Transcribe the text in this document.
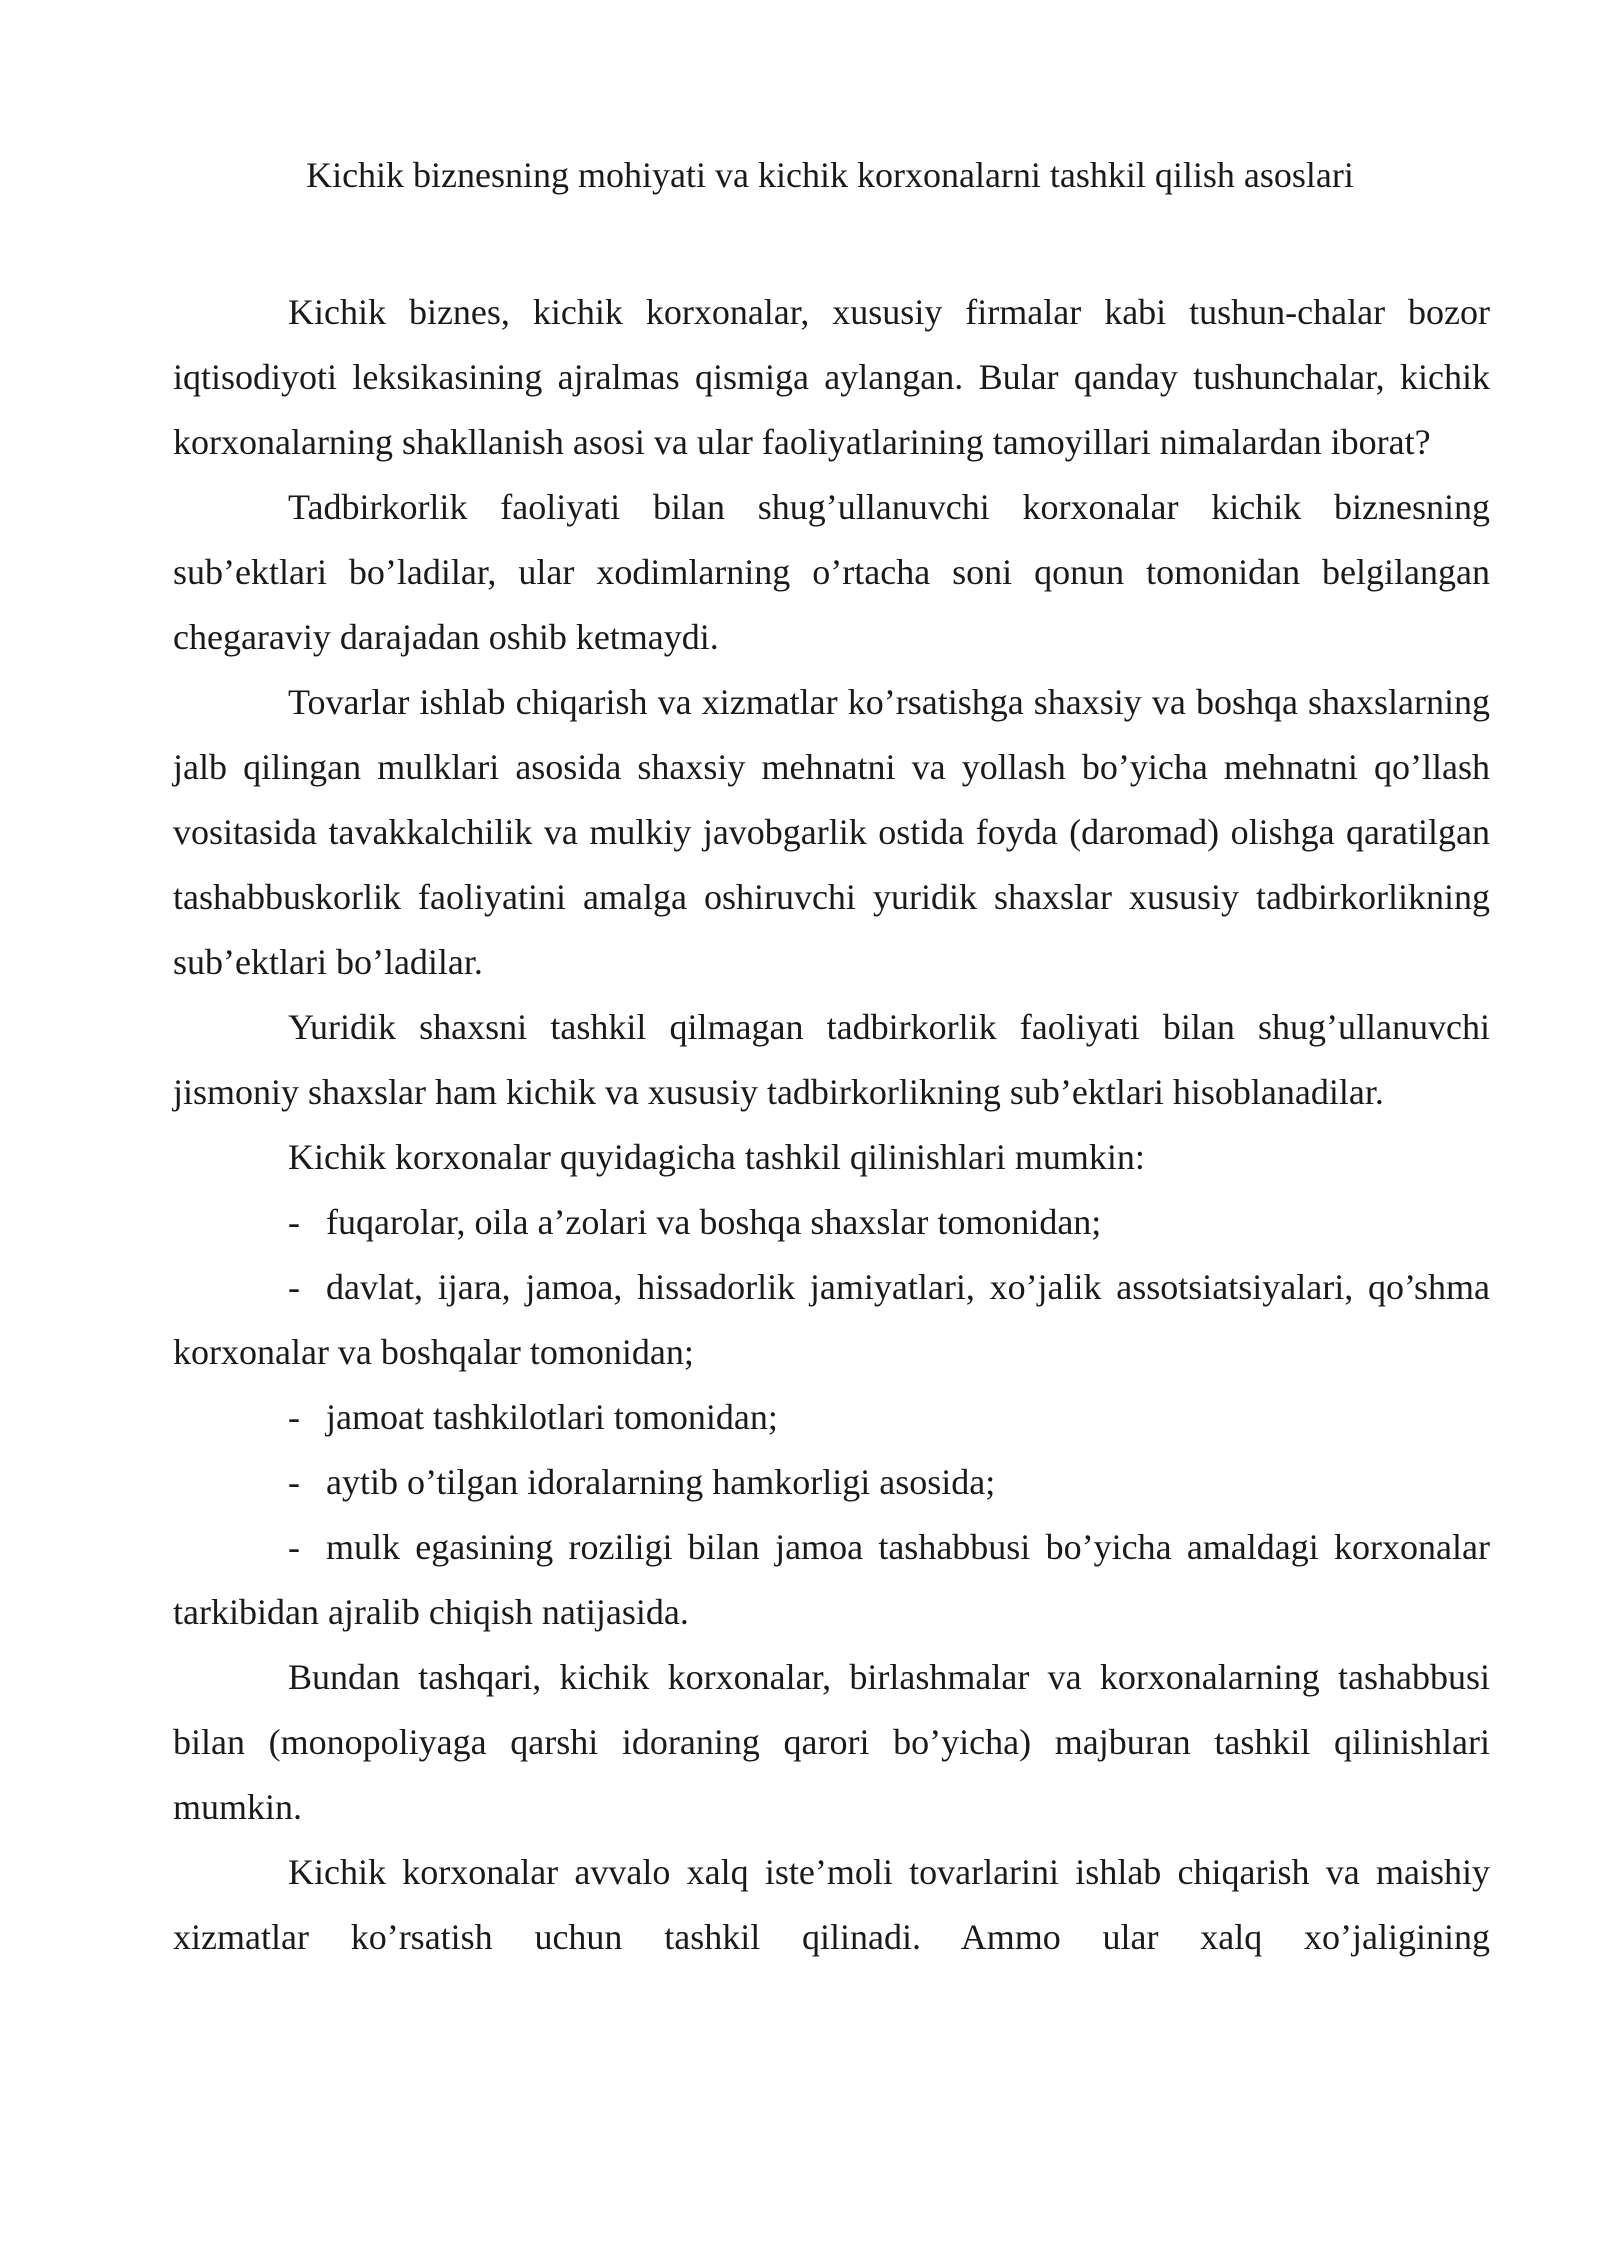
Kichik biznesning mohiyati va kichik korxonalarni tashkil qilish asoslari

Kichik biznes, kichik korxonalar, xususiy firmalar kabi tushun-chalar bozor iqtisodiyoti leksikasining ajralmas qismiga aylangan. Bular qanday tushunchalar, kichik korxonalarning shakllanish asosi va ular faoliyatlarining tamoyillari nimalardan iborat?

Tadbirkorlik faoliyati bilan shug’ullanuvchi korxonalar kichik biznesning sub’ektlari bo’ladilar, ular xodimlarning o’rtacha soni qonun tomonidan belgilangan chegaraviy darajadan oshib ketmaydi.

Tovarlar ishlab chiqarish va xizmatlar ko’rsatishga shaxsiy va boshqa shaxslarning jalb qilingan mulklari asosida shaxsiy mehnatni va yollash bo’yicha mehnatni qo’llash vositasida tavakkalchilik va mulkiy javobgarlik ostida foyda (daromad) olishga qaratilgan tashabbuskorlik faoliyatini amalga oshiruvchi yuridik shaxslar xususiy tadbirkorlikning sub’ektlari bo’ladilar.

Yuridik shaxsni tashkil qilmagan tadbirkorlik faoliyati bilan shug’ullanuvchi jismoniy shaxslar ham kichik va xususiy tadbirkorlikning sub’ektlari hisoblanadilar.

Kichik korxonalar quyidagicha tashkil qilinishlari mumkin:

- fuqarolar, oila a’zolari va boshqa shaxslar tomonidan;

- davlat, ijara, jamoa, hissadorlik jamiyatlari, xo’jalik assotsiatsiyalari, qo’shma korxonalar va boshqalar tomonidan;

- jamoat tashkilotlari tomonidan;

- aytib o’tilgan idoralarning hamkorligi asosida;

- mulk egasining roziligi bilan jamoa tashabbusi bo’yicha amaldagi korxonalar tarkibidan ajralib chiqish natijasida.

Bundan tashqari, kichik korxonalar, birlashmalar va korxonalarning tashabbusi bilan (monopoliyaga qarshi idoraning qarori bo’yicha) majburan tashkil qilinishlari mumkin.

Kichik korxonalar avvalo xalq iste’moli tovarlarini ishlab chiqarish va maishiy xizmatlar ko’rsatish uchun tashkil qilinadi. Ammo ular xalq xo’jaligining
